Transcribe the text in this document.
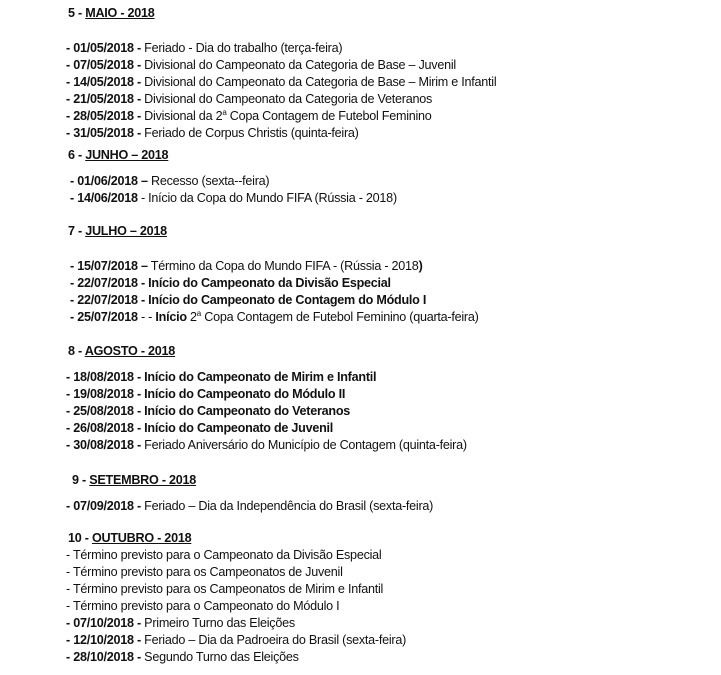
5 - MAIO - 2018
- 01/05/2018 - Feriado - Dia do trabalho (terça-feira)
- 07/05/2018 - Divisional do Campeonato da Categoria de Base – Juvenil
- 14/05/2018 - Divisional do Campeonato da Categoria de Base – Mirim e Infantil
- 21/05/2018 - Divisional do Campeonato da Categoria de Veteranos
- 28/05/2018 - Divisional da 2$^a$ Copa Contagem de Futebol Feminino
- 31/05/2018 - Feriado de Corpus Christis (quinta-feira)
6 - JUNHO – 2018
- 01/06/2018 – Recesso (sexta--feira)
- 14/06/2018 - Início da Copa do Mundo FIFA (Rússia - 2018)
7 - JULHO – 2018
- 15/07/2018 – Término da Copa do Mundo FIFA - (Rússia - 2018)
- 22/07/2018 - Início do Campeonato da Divisão Especial
- 22/07/2018 - Início do Campeonato de Contagem do Módulo I
- 25/07/2018 - - Início 2$^a$ Copa Contagem de Futebol Feminino (quarta-feira)
8 - AGOSTO - 2018
- 18/08/2018 - Início do Campeonato de Mirim e Infantil
- 19/08/2018 - Início do Campeonato do Módulo II
- 25/08/2018 - Início do Campeonato do Veteranos
- 26/08/2018 - Início do Campeonato de Juvenil
- 30/08/2018 - Feriado Aniversário do Município de Contagem (quinta-feira)
9 - SETEMBRO - 2018
- 07/09/2018 - Feriado – Dia da Independência do Brasil (sexta-feira)
10 - OUTUBRO - 2018
- Término previsto para o Campeonato da Divisão Especial
- Término previsto para os Campeonatos de Juvenil
- Término previsto para os Campeonatos de Mirim e Infantil
- Término previsto para o Campeonato do Módulo I
- 07/10/2018 - Primeiro Turno das Eleições
- 12/10/2018 - Feriado – Dia da Padroeira do Brasil (sexta-feira)
- 28/10/2018 - Segundo Turno das Eleições
